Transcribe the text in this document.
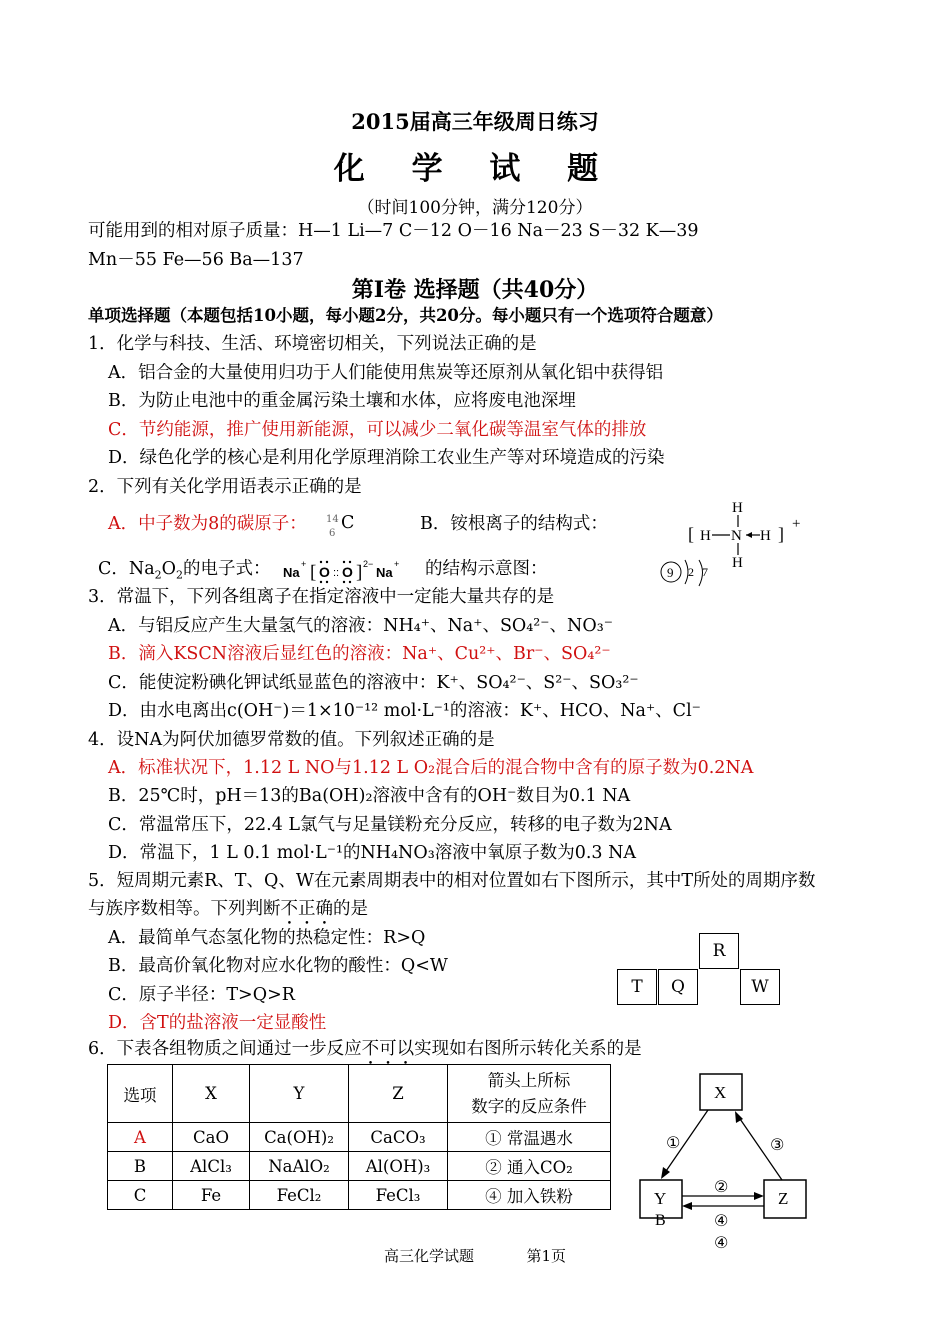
2015届高三年级周日练习
化 学 试 题
（时间100分钟，满分120分）
可能用到的相对原子质量：H—1 Li—7 C－12 O－16 Na－23 S－32 K—39
Mn－55 Fe—56 Ba—137
第Ⅰ卷 选择题（共40分）
单项选择题（本题包括10小题，每小题2分，共20分。每小题只有一个选项符合题意）
1．化学与科技、生活、环境密切相关，下列说法正确的是
A．铝合金的大量使用归功于人们能使用焦炭等还原剂从氧化铝中获得铝
B．为防止电池中的重金属污染土壤和水体，应将废电池深埋
C．节约能源，推广使用新能源，可以减少二氧化碳等温室气体的排放
D．绿色化学的核心是利用化学原理消除工农业生产等对环境造成的污染
2．下列有关化学用语表示正确的是
A．中子数为8的碳原子： 14
6
C	B．铵根离子的结构式：
H
[ H N H ] +
H
C．$Na_2O_2$的电子式： Na
+ [ O :: O ] 2−
Na
+ 的结构示意图：	9 2 7
3．常温下，下列各组离子在指定溶液中一定能大量共存的是
A．与铝反应产生大量氢气的溶液：NH₄⁺、Na⁺、SO₄²⁻、NO₃⁻
B．滴入KSCN溶液后显红色的溶液：Na⁺、Cu²⁺、Br⁻、SO₄²⁻
C．能使淀粉碘化钾试纸显蓝色的溶液中：K⁺、SO₄²⁻、S²⁻、SO₃²⁻
D．由水电离出c(OH⁻)＝1×10⁻¹² mol·L⁻¹的溶液：K⁺、HCO、Na⁺、Cl⁻
4．设NA为阿伏加德罗常数的值。下列叙述正确的是
A．标准状况下，1.12 L NO与1.12 L O₂混合后的混合物中含有的原子数为0.2NA
B．25℃时，pH＝13的Ba(OH)₂溶液中含有的OH⁻数目为0.1 NA
C．常温常压下，22.4 L氯气与足量镁粉充分反应，转移的电子数为2NA
D．常温下，1 L 0.1 mol·L⁻¹的NH₄NO₃溶液中氧原子数为0.3 NA
5．短周期元素R、T、Q、W在元素周期表中的相对位置如右下图所示，其中T所处的周期序数
与族序数相等。下列判断不正确的是
A．最简单气态氢化物的热稳定性：R>Q
B．最高价氧化物对应水化物的酸性：Q<W
C．原子半径：T>Q>R
D．含T的盐溶液一定显酸性
R
T	Q	W
6．下表各组物质之间通过一步反应不可以实现如右图所示转化关系的是
选项	X	Y	Z	箭头上所标
数字的反应条件

A	CaO	Ca(OH)₂	CaCO₃	① 常温遇水
B	AlCl₃	NaAlO₂	Al(OH)₃	② 通入CO₂
C	Fe	FeCl₂	FeCl₃	④ 加入铁粉
X
Y
B
Z
①	③
②
④
④
高三化学试题           第1页
